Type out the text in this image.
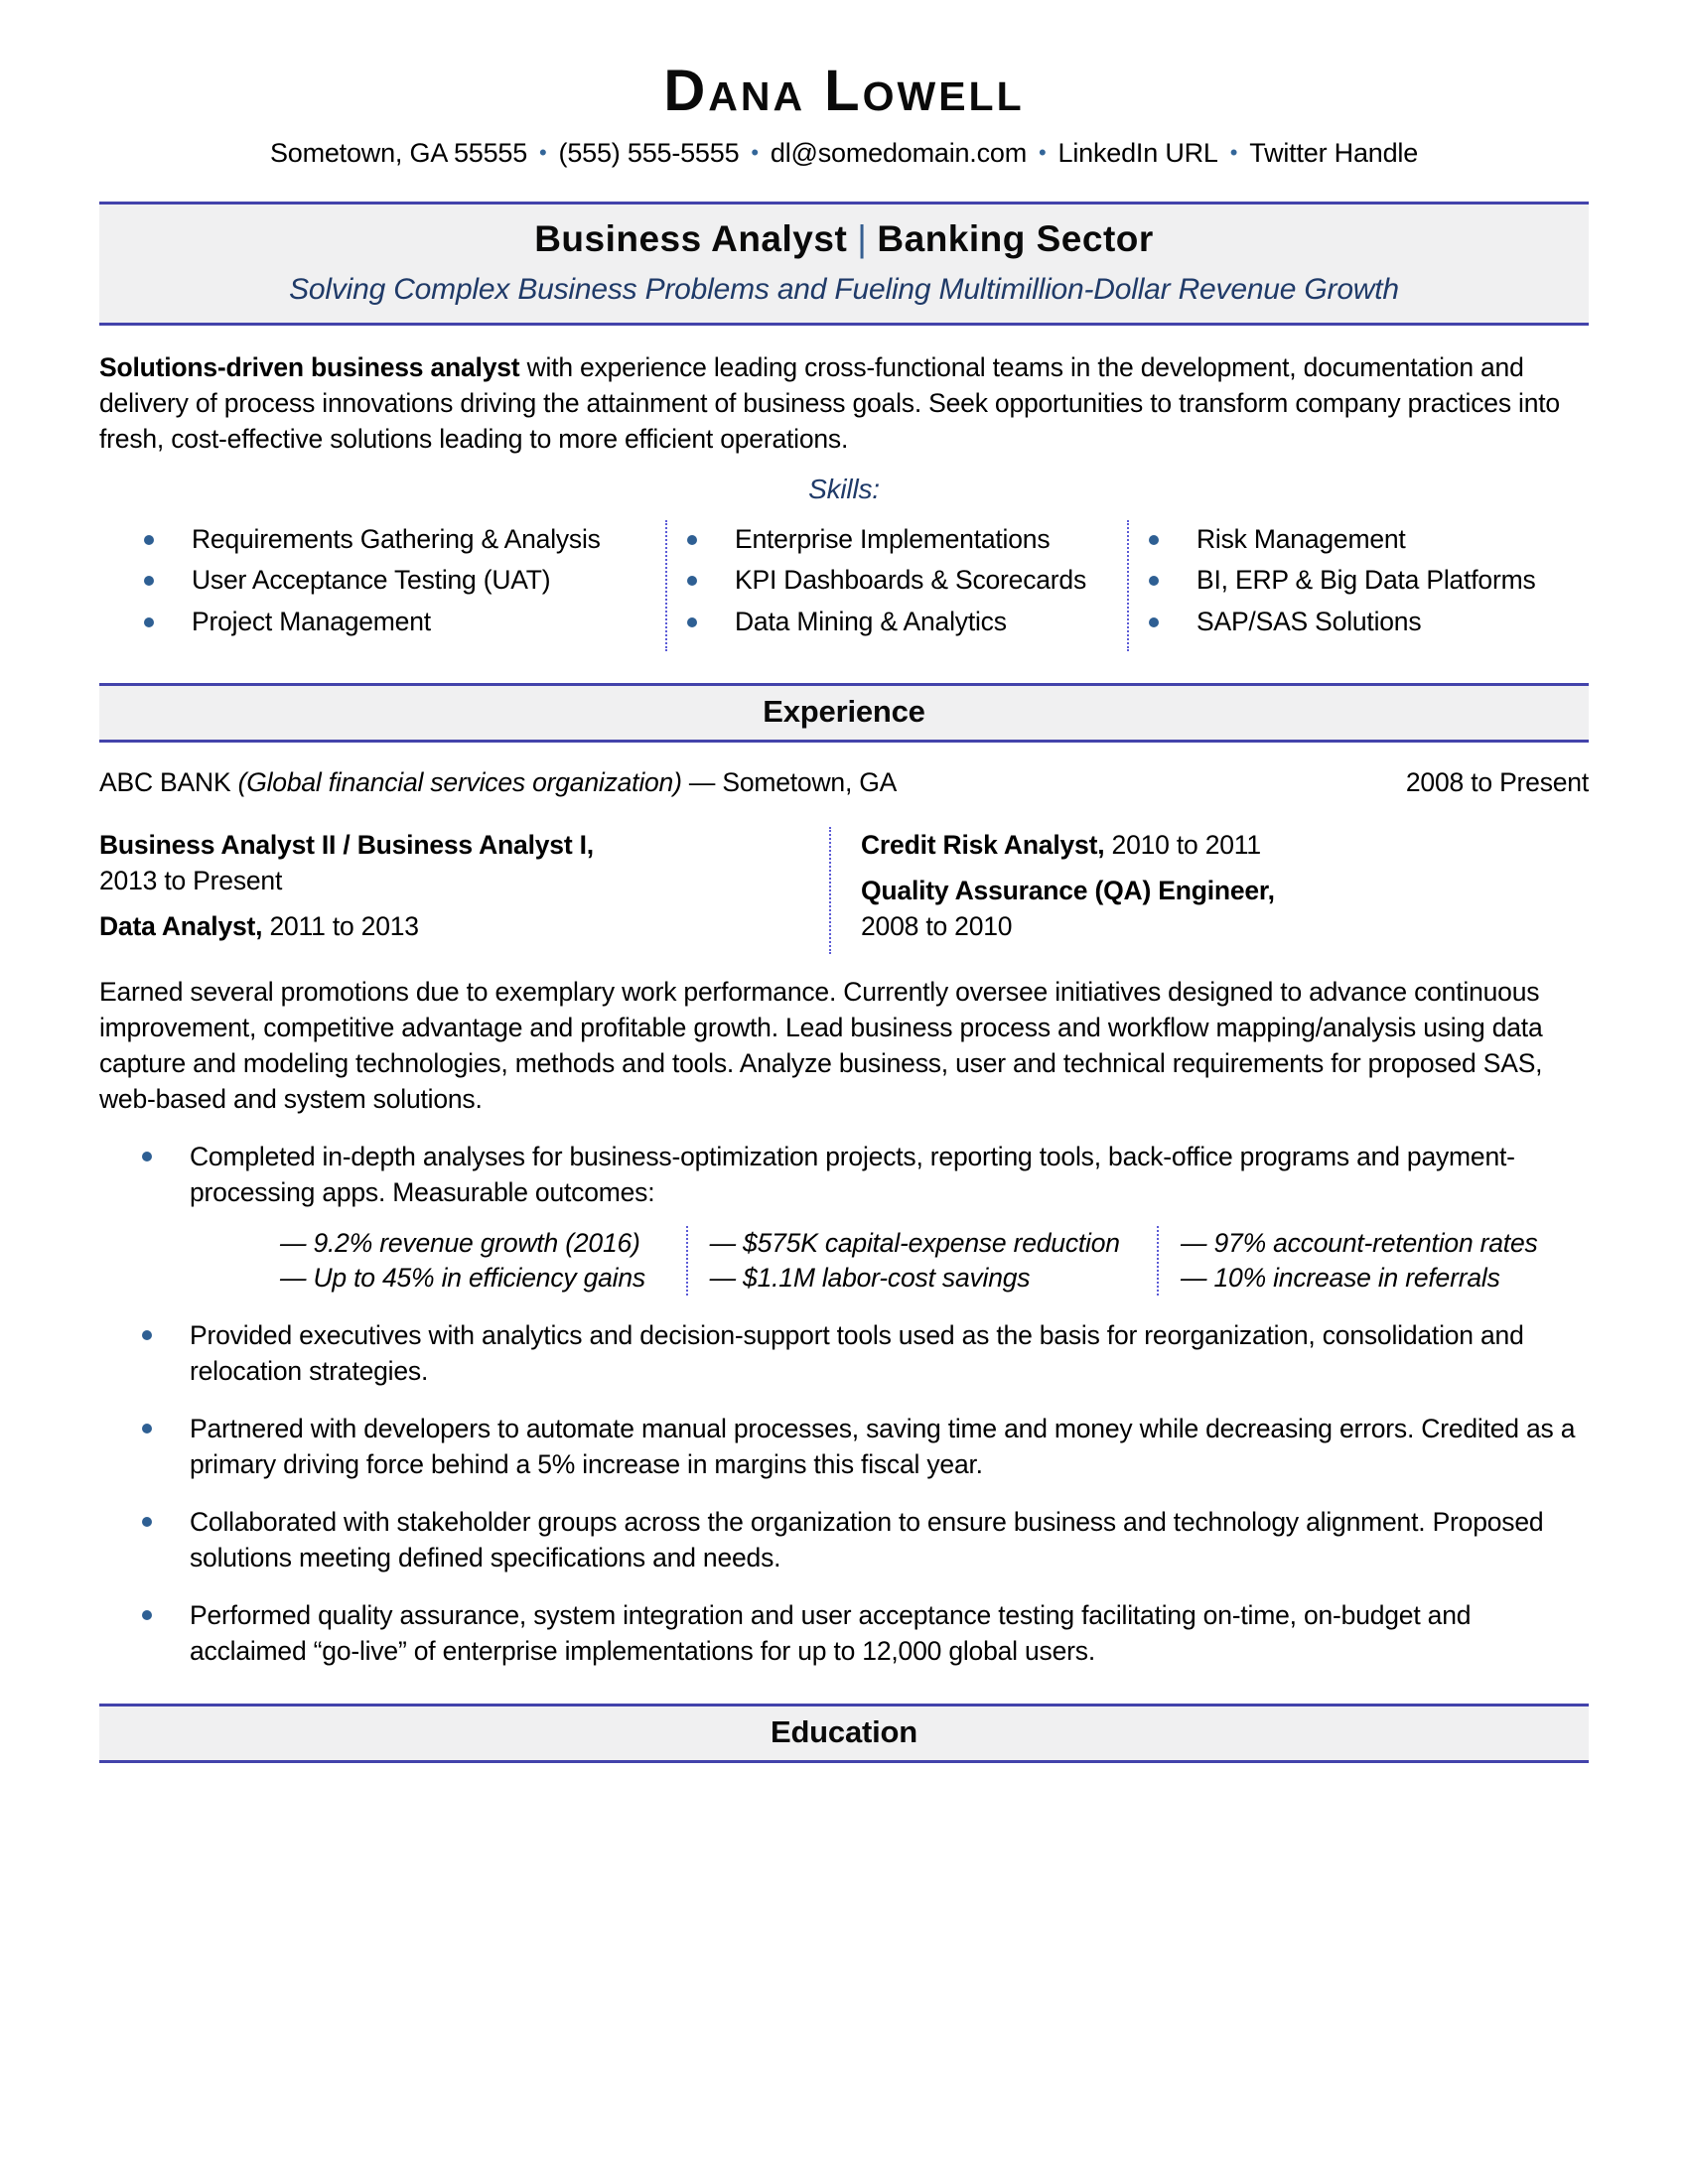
Dana Lowell
Sometown, GA 55555 • (555) 555-5555 • dl@somedomain.com • LinkedIn URL • Twitter Handle
Business Analyst | Banking Sector
Solving Complex Business Problems and Fueling Multimillion-Dollar Revenue Growth

Solutions-driven business analyst with experience leading cross-functional teams in the development, documentation and delivery of process innovations driving the attainment of business goals. Seek opportunities to transform company practices into fresh, cost-effective solutions leading to more efficient operations.

Skills:
Requirements Gathering & Analysis
User Acceptance Testing (UAT)
Project Management
Enterprise Implementations
KPI Dashboards & Scorecards
Data Mining & Analytics
Risk Management
BI, ERP & Big Data Platforms
SAP/SAS Solutions
Experience
ABC BANK (Global financial services organization) — Sometown, GA	2008 to Present

Business Analyst II / Business Analyst I,
2013 to Present

Data Analyst, 2011 to 2013

Credit Risk Analyst, 2010 to 2011

Quality Assurance (QA) Engineer,
2008 to 2010

Earned several promotions due to exemplary work performance. Currently oversee initiatives designed to advance continuous improvement, competitive advantage and profitable growth. Lead business process and workflow mapping/analysis using data capture and modeling technologies, methods and tools. Analyze business, user and technical requirements for proposed SAS, web-based and system solutions.

Completed in-depth analyses for business-optimization projects, reporting tools, back-office programs and payment-processing apps. Measurable outcomes:

— 9.2% revenue growth (2016)

— Up to 45% in efficiency gains

— $575K capital-expense reduction

— $1.1M labor-cost savings

— 97% account-retention rates

— 10% increase in referrals

Provided executives with analytics and decision-support tools used as the basis for reorganization, consolidation and relocation strategies.
Partnered with developers to automate manual processes, saving time and money while decreasing errors. Credited as a primary driving force behind a 5% increase in margins this fiscal year.
Collaborated with stakeholder groups across the organization to ensure business and technology alignment. Proposed solutions meeting defined specifications and needs.
Performed quality assurance, system integration and user acceptance testing facilitating on-time, on-budget and acclaimed “go-live” of enterprise implementations for up to 12,000 global users.
Education
